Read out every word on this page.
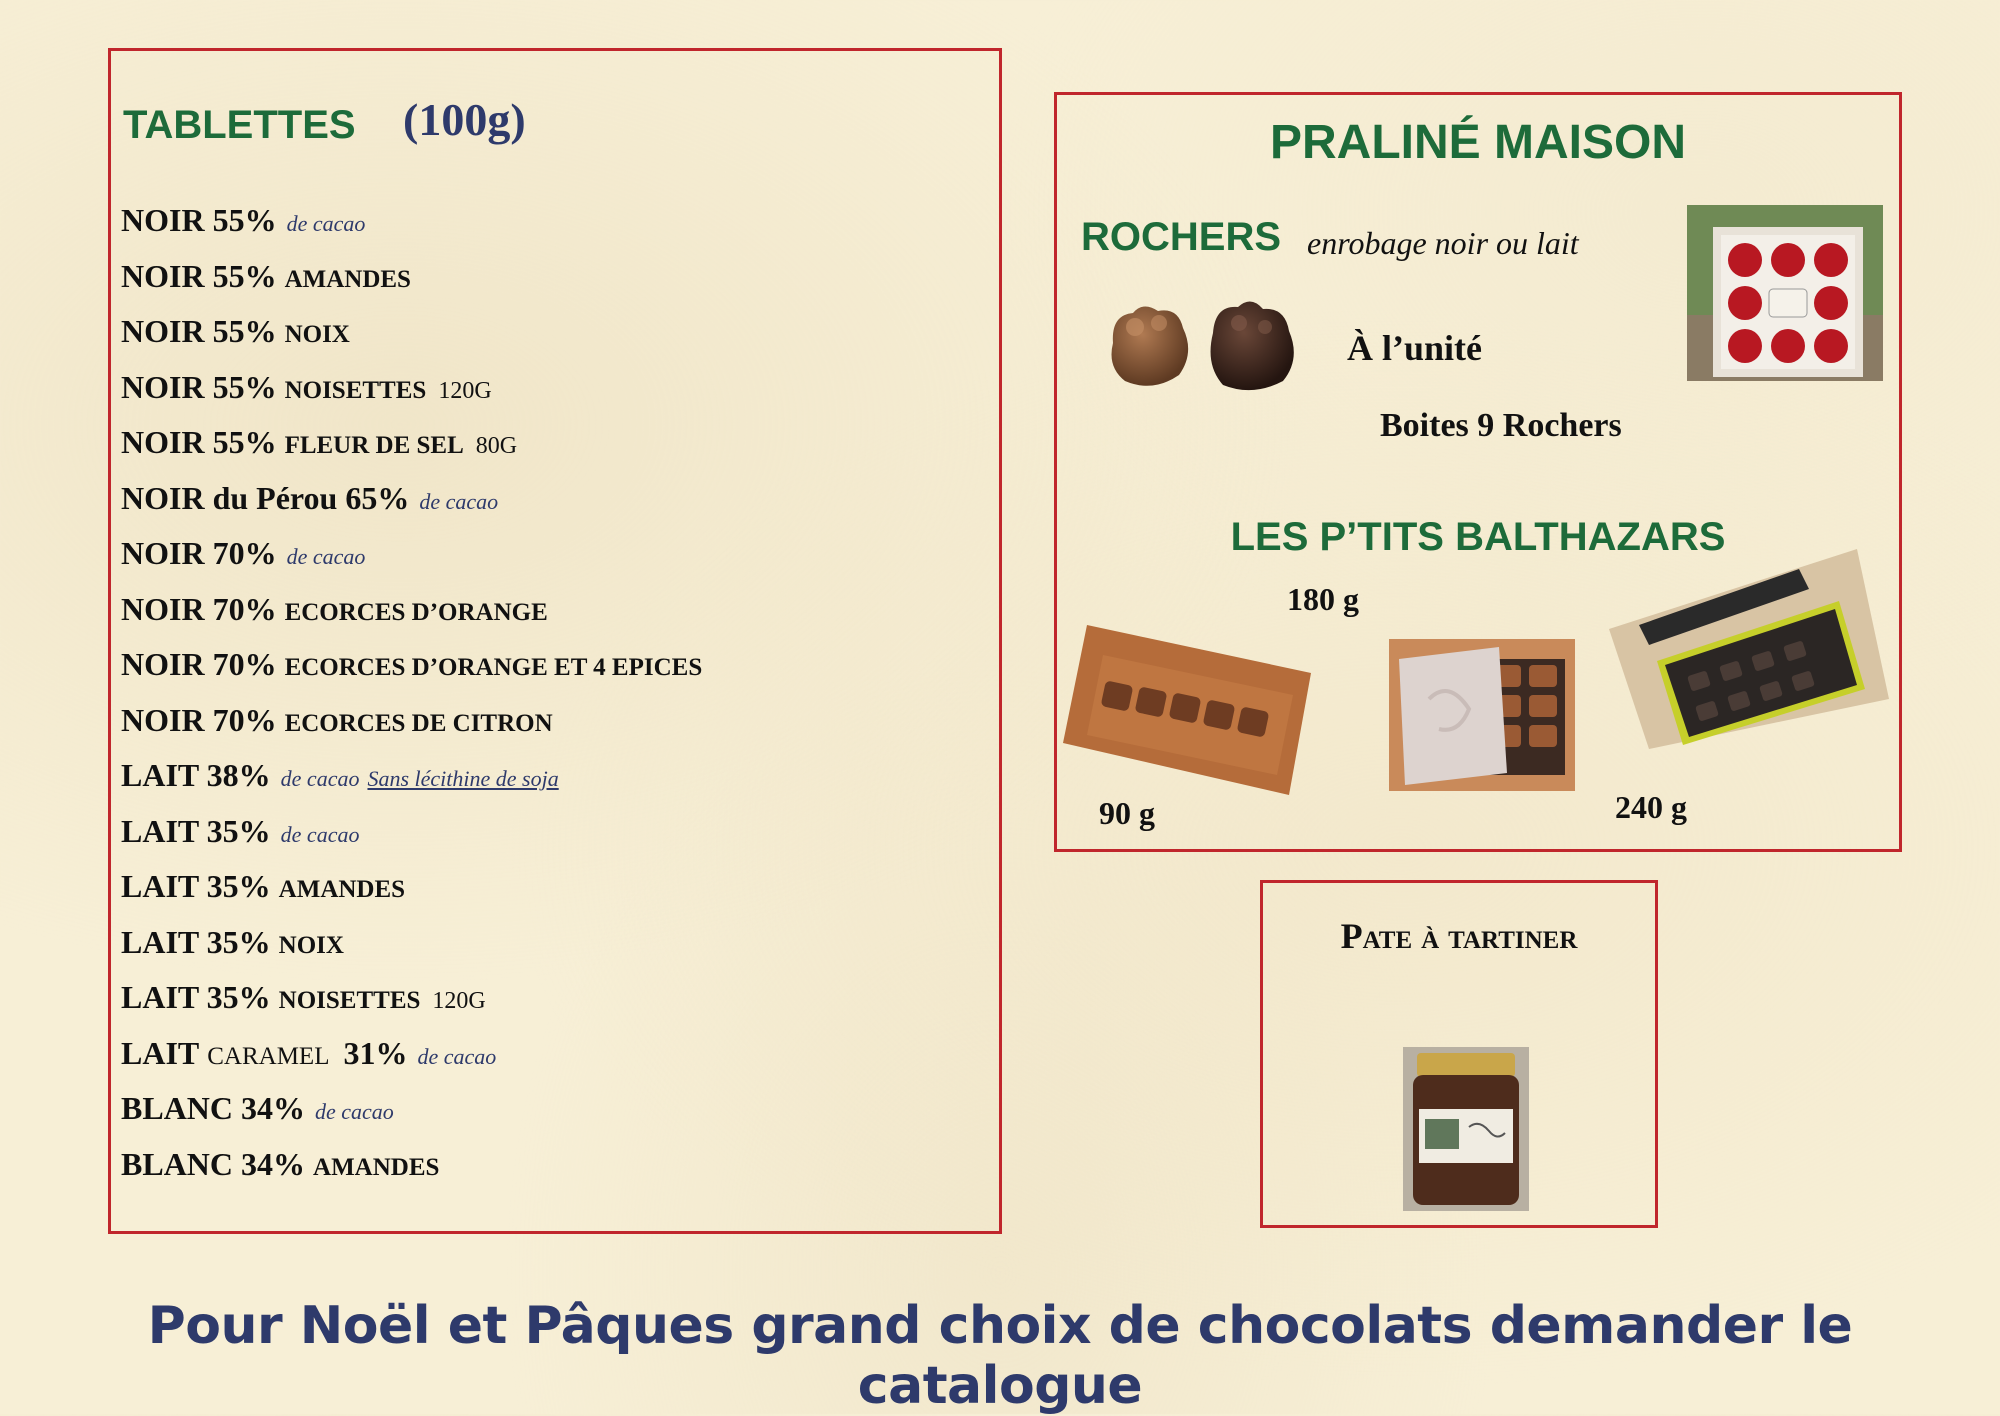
TABLETTES (100g)
NOIR 55% de cacao
NOIR 55% AMANDES
NOIR 55% NOIX
NOIR 55% NOISETTES 120G
NOIR 55% FLEUR DE SEL 80G
NOIR du Pérou 65% de cacao
NOIR 70% de cacao
NOIR 70% ECORCES D’ORANGE
NOIR 70% ECORCES D’ORANGE ET 4 EPICES
NOIR 70% ECORCES DE CITRON
LAIT 38% de cacao Sans lécithine de soja
LAIT 35% de cacao
LAIT 35% AMANDES
LAIT 35% NOIX
LAIT 35% NOISETTES 120G
LAIT CARAMEL 31% de cacao
BLANC 34% de cacao
BLANC 34% AMANDES
PRALINÉ MAISON
ROCHERS enrobage noir ou lait
À l’unité
Boites 9 Rochers
LES P’TITS BALTHAZARS
180 g
90 g	240 g
Pate à tartiner
Pour Noël et Pâques grand choix de chocolats demander le catalogue
